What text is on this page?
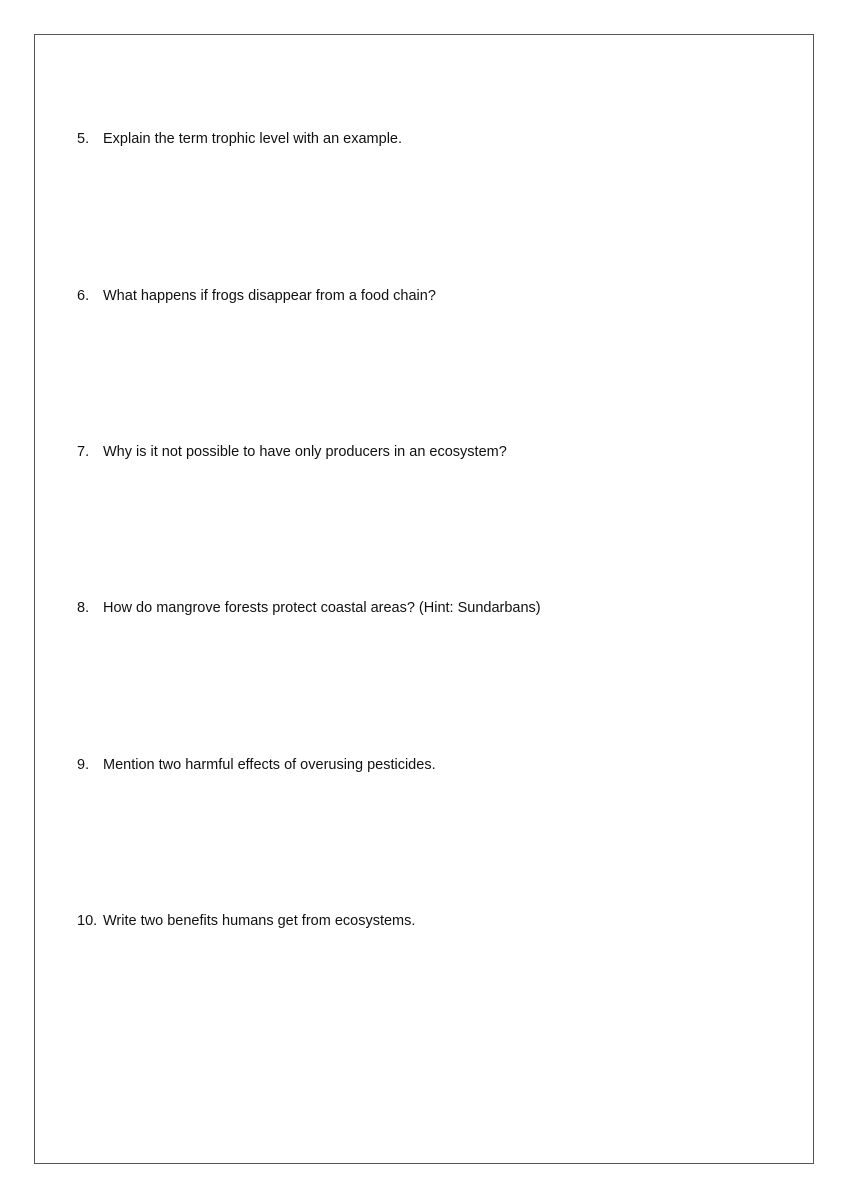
5. Explain the term trophic level with an example.
6. What happens if frogs disappear from a food chain?
7. Why is it not possible to have only producers in an ecosystem?
8. How do mangrove forests protect coastal areas? (Hint: Sundarbans)
9. Mention two harmful effects of overusing pesticides.
10. Write two benefits humans get from ecosystems.
